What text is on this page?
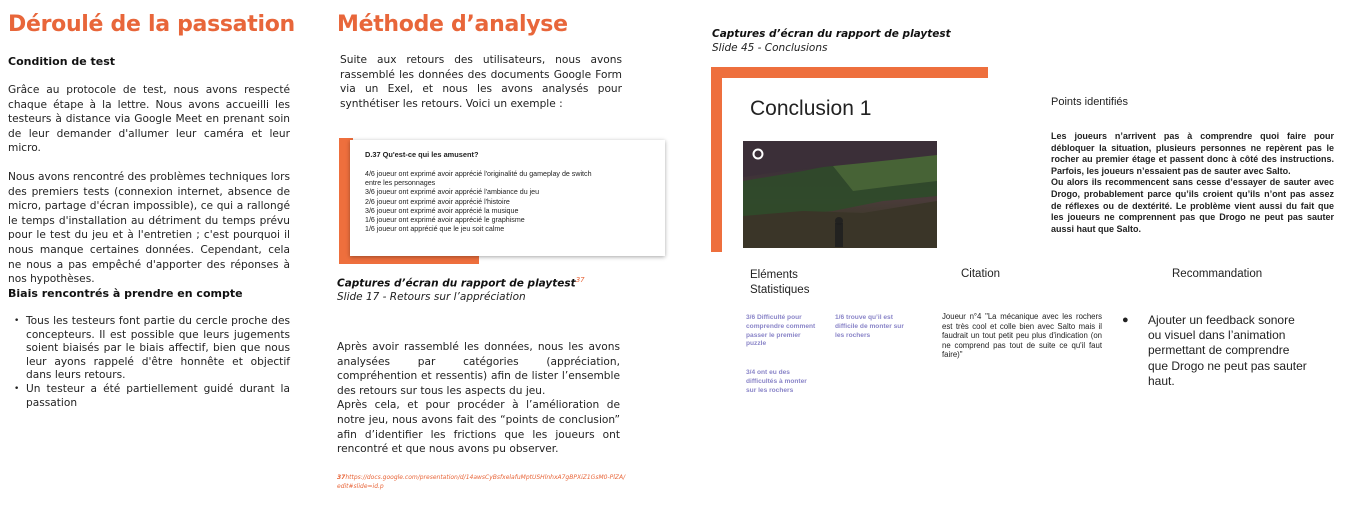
Déroulé de la passation
Condition de test

Grâce au protocole de test, nous avons respecté chaque étape à la lettre. Nous avons accueilli les testeurs à distance via Google Meet en prenant soin de leur demander d'allumer leur caméra et leur micro.

Nous avons rencontré des problèmes techniques lors des premiers tests (connexion internet, absence de micro, partage d'écran impossible), ce qui a rallongé le temps d'installation au détriment du temps prévu pour le test du jeu et à l'entretien ; c'est pourquoi il nous manque certaines données. Cependant, cela ne nous a pas empêché d'apporter des réponses à nos hypothèses.

Biais rencontrés à prendre en compte
• Tous les testeurs font partie du cercle proche des concepteurs. Il est possible que leurs jugements soient biaisés par le biais affectif, bien que nous leur ayons rappelé d'être honnête et objectif dans leurs retours.
• Un testeur a été partiellement guidé durant la passation
Méthode d’analyse
Suite aux retours des utilisateurs, nous avons rassemblé les données des documents Google Form via un Exel, et nous les avons analysés pour synthétiser les retours. Voici un exemple :
D.37 Qu'est-ce qui les amusent?
4/6 joueur ont exprimé avoir apprécié l'originalité du gameplay de switch
entre les personnages
3/6 joueur ont exprimé avoir apprécié l'ambiance du jeu
2/6 joueur ont exprimé avoir apprécié l'histoire
3/6 joueur ont exprimé avoir apprécié la musique
1/6 joueur ont exprimé avoir apprécié le graphisme
1/6 joueur ont apprécié que le jeu soit calme
Captures d’écran du rapport de playtest$^{37}$
Slide 17 - Retours sur l’appréciation
Après avoir rassemblé les données, nous les avons analysées par catégories (appréciation, compréhention et ressentis) afin de lister l’ensemble des retours sur tous les aspects du jeu.
Après cela, et pour procéder à l’amélioration de notre jeu, nous avons fait des “points de conclusion” afin d’identifier les frictions que les joueurs ont rencontré et que nous avons pu observer.
37https://docs.google.com/presentation/d/14awsCyBsfxelafuMptUSHlnhxA7gBPXiZ1GsM0-PlZA/edit#slide=id.p
Captures d’écran du rapport de playtest
Slide 45 - Conclusions
Conclusion 1	Points identifiés
Les joueurs n’arrivent pas à comprendre quoi faire pour débloquer la situation, plusieurs personnes ne repèrent pas le rocher au premier étage et passent donc à côté des instructions. Parfois, les joueurs n’essaient pas de sauter avec Salto.
Ou alors ils recommencent sans cesse d’essayer de sauter avec Drogo, probablement parce qu’ils croient qu’ils n’ont pas assez de réflexes ou de dextérité. Le problème vient aussi du fait que les joueurs ne comprennent pas que Drogo ne peut pas sauter aussi haut que Salto.
Eléments
Statistiques
Citation	Recommandation
3/6 Difficulté pour comprendre comment passer le premier puzzle
1/6 trouve qu’il est difficile de monter sur les rochers
3/4 ont eu des difficultés à monter sur les rochers
Joueur n°4 "La mécanique avec les rochers est très cool et colle bien avec Salto mais il faudrait un tout petit peu plus d'indication (on ne comprend pas tout de suite ce qu'il faut faire)"
● Ajouter un feedback sonore ou visuel dans l’animation permettant de comprendre que Drogo ne peut pas sauter haut.
